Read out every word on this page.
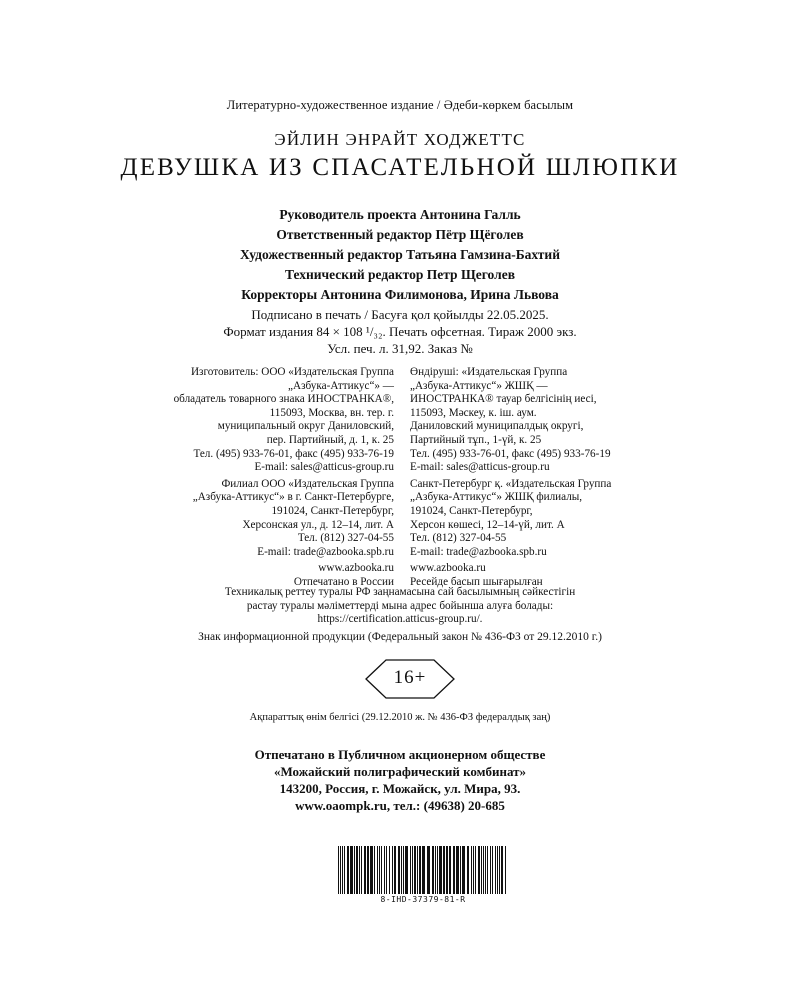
Литературно-художественное издание / Әдеби-көркем басылым
ЭЙЛИН ЭНРАЙТ ХОДЖЕТТС
ДЕВУШКА ИЗ СПАСАТЕЛЬНОЙ ШЛЮПКИ
Руководитель проекта Антонина Галль
Ответственный редактор Пётр Щёголев
Художественный редактор Татьяна Гамзина-Бахтий
Технический редактор Петр Щеголев
Корректоры Антонина Филимонова, Ирина Львова
Подписано в печать / Басуға қол қойылды 22.05.2025.
Формат издания 84 × 108 ¹/₃₂. Печать офсетная. Тираж 2000 экз.
Усл. печ. л. 31,92. Заказ №
Изготовитель: ООО «Издательская Группа
„Азбука-Аттикус“» —
обладатель товарного знака ИНОСТРАНКА®,
115093, Москва, вн. тер. г.
муниципальный округ Даниловский,
пер. Партийный, д. 1, к. 25
Тел. (495) 933-76-01, факс (495) 933-76-19
E-mail: sales@atticus-group.ru
Өндіруші: «Издательская Группа
„Азбука-Аттикус“» ЖШҚ —
ИНОСТРАНКА® тауар белгісінің иесі,
115093, Мәскеу, к. іш. аум.
Даниловский муниципалдық округі,
Партийный тұп., 1-үй, к. 25
Тел. (495) 933-76-01, факс (495) 933-76-19
E-mail: sales@atticus-group.ru
Филиал ООО «Издательская Группа
„Азбука-Аттикус“» в г. Санкт-Петербурге,
191024, Санкт-Петербург,
Херсонская ул., д. 12–14, лит. А
Тел. (812) 327-04-55
E-mail: trade@azbooka.spb.ru
Санкт-Петербург қ. «Издательская Группа
„Азбука-Аттикус“» ЖШҚ филиалы,
191024, Санкт-Петербург,
Херсон көшесі, 12–14-үй, лит. А
Тел. (812) 327-04-55
E-mail: trade@azbooka.spb.ru
www.azbooka.ru
Отпечатано в России
www.azbooka.ru
Ресейде басып шығарылған
Техникалық реттеу туралы РФ заңнамасына сай басылымның сәйкестігін
растау туралы мәліметтерді мына адрес бойынша алуға болады:
https://certification.atticus-group.ru/.
Знак информационной продукции (Федеральный закон № 436-ФЗ от 29.12.2010 г.)
16+
Ақпараттық өнім белгісі (29.12.2010 ж. № 436-ФЗ федералдық заң)
Отпечатано в Публичном акционерном обществе
«Можайский полиграфический комбинат»
143200, Россия, г. Можайск, ул. Мира, 93.
www.oaompk.ru, тел.: (49638) 20-685
8-IHD-37379-81-R
